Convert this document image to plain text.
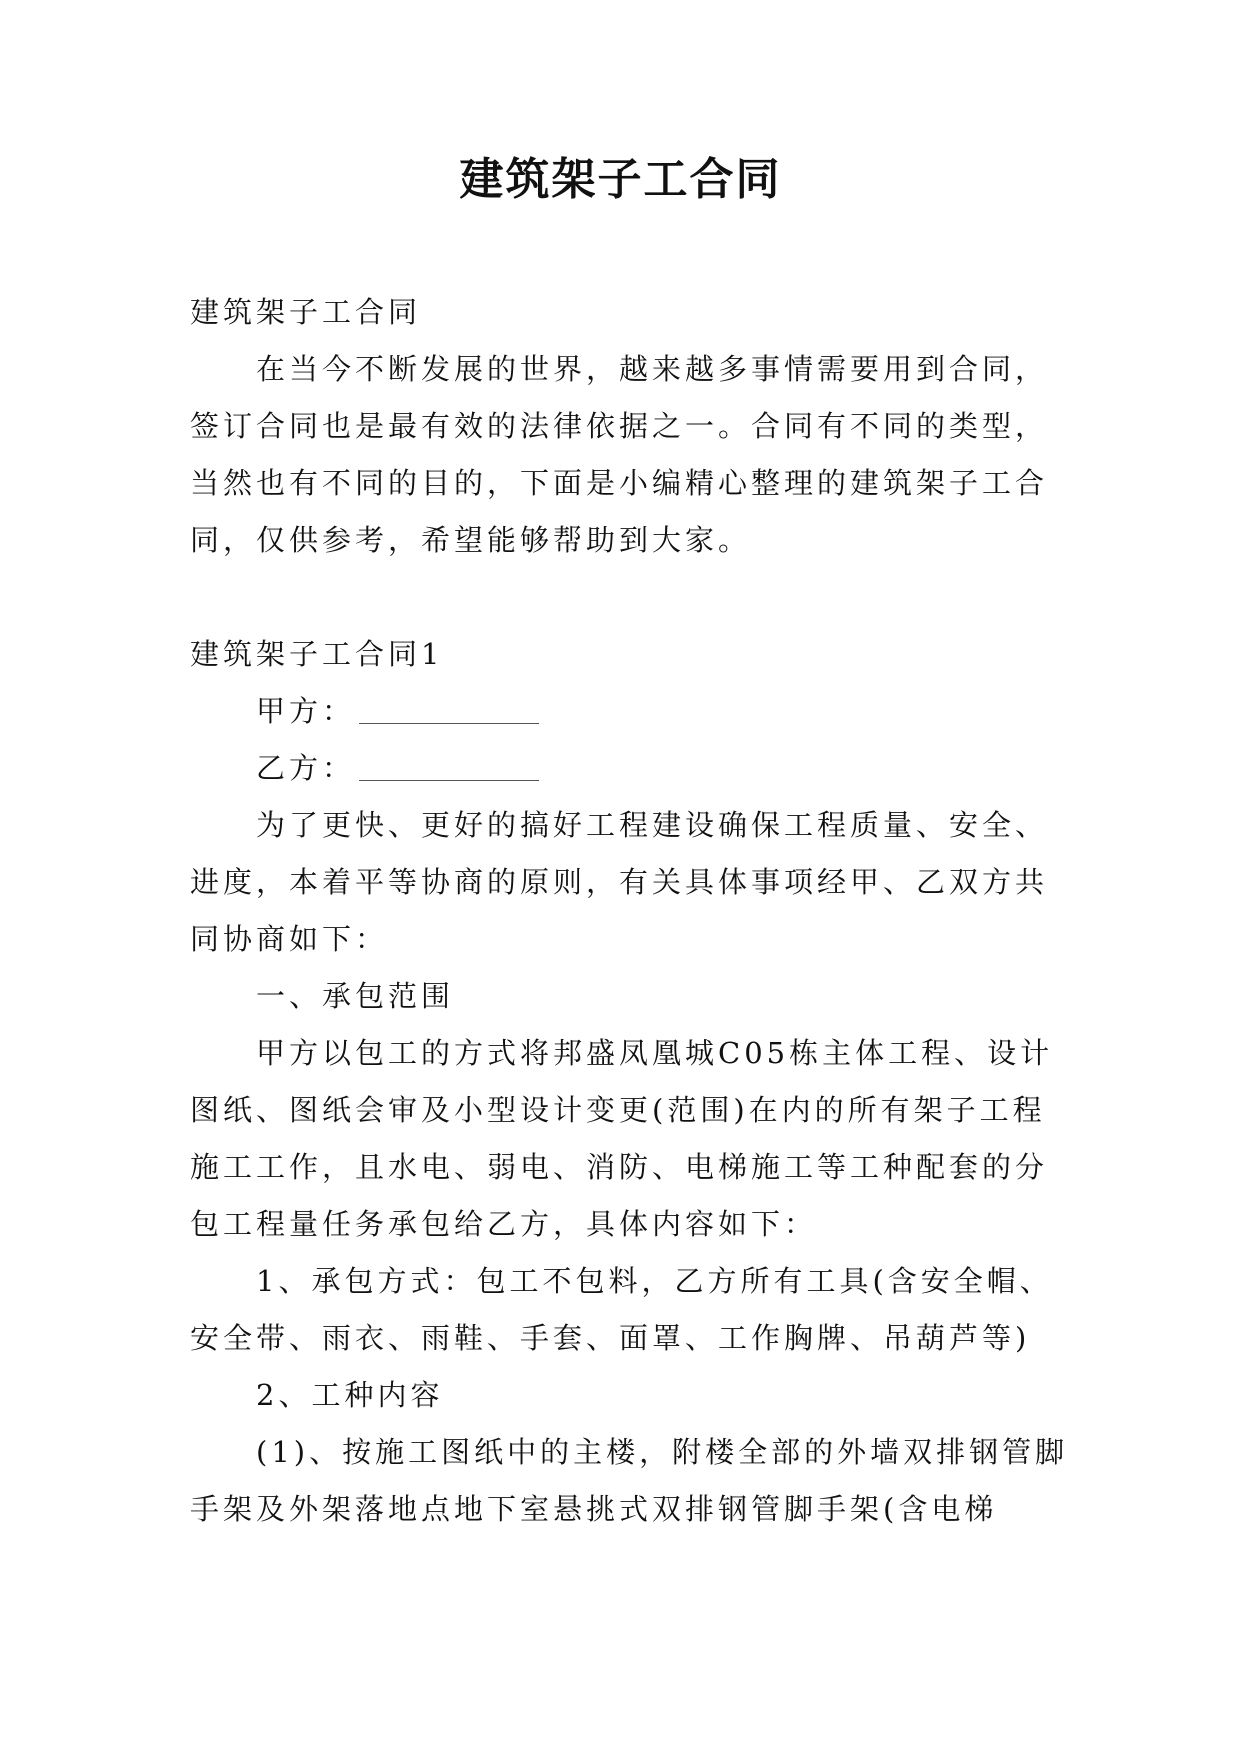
建筑架子工合同

建筑架子工合同

在当今不断发展的世界，越来越多事情需要用到合同，签订合同也是最有效的法律依据之一。合同有不同的类型，当然也有不同的目的，下面是小编精心整理的建筑架子工合同，仅供参考，希望能够帮助到大家。

建筑架子工合同1

甲方：

乙方：

为了更快、更好的搞好工程建设确保工程质量、安全、进度，本着平等协商的原则，有关具体事项经甲、乙双方共同协商如下：

一、承包范围

甲方以包工的方式将邦盛凤凰城C05栋主体工程、设计图纸、图纸会审及小型设计变更(范围)在内的所有架子工程施工工作，且水电、弱电、消防、电梯施工等工种配套的分包工程量任务承包给乙方，具体内容如下：

1、承包方式：包工不包料，乙方所有工具(含安全帽、安全带、雨衣、雨鞋、手套、面罩、工作胸牌、吊葫芦等)

2、工种内容

(1)、按施工图纸中的主楼，附楼全部的外墙双排钢管脚手架及外架落地点地下室悬挑式双排钢管脚手架(含电梯
